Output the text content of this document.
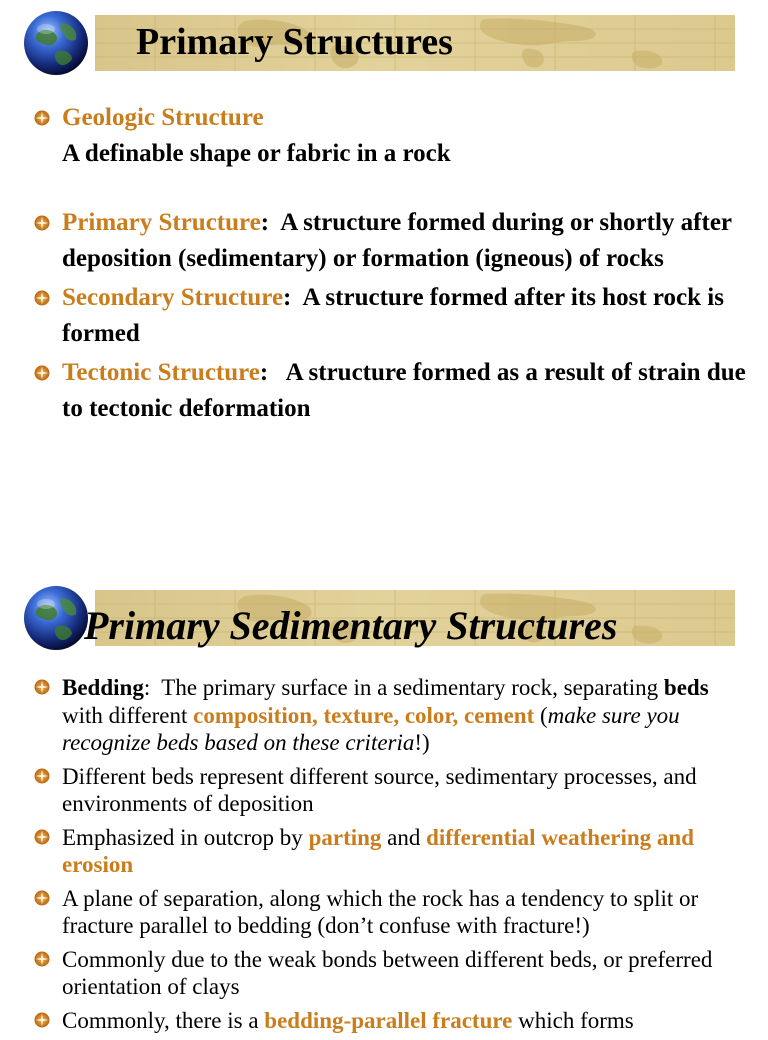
Primary Structures
Geologic Structure
A definable shape or fabric in a rock
Primary Structure:  A structure formed during or shortly after deposition (sedimentary) or formation (igneous) of rocks
Secondary Structure:  A structure formed after its host rock is formed
Tectonic Structure:   A structure formed as a result of strain due to tectonic deformation
Primary Sedimentary Structures
Bedding:  The primary surface in a sedimentary rock, separating beds with different composition, texture, color, cement (make sure you recognize beds based on these criteria!)
Different beds represent different source, sedimentary processes, and environments of deposition
Emphasized in outcrop by parting and differential weathering and erosion
A plane of separation, along which the rock has a tendency to split or fracture parallel to bedding (don’t confuse with fracture!)
Commonly due to the weak bonds between different beds, or preferred orientation of clays
Commonly, there is a bedding-parallel fracture which forms
